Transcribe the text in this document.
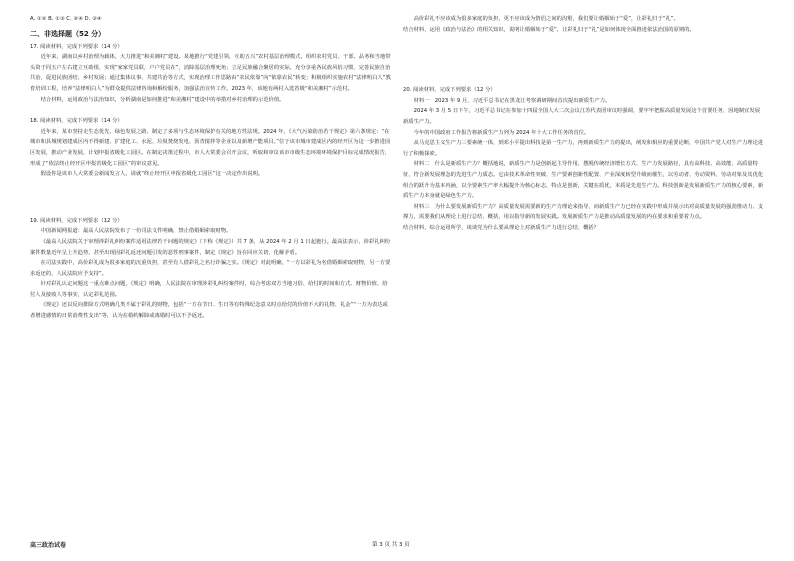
A. ①② B. ①③ C. ②④ D. ③④

二、非选择题（52 分）

17. 阅读材料，完成下列要求（14 分）

近年来，湖南以乡村治理为载体，大力推进“和美湘村”建设。某地推行“党建引领，互助五兴”农村基层治理模式，组织农村党员、干部、品务和当地带头资于同五户左右建立互助组，实现“家家党员联，户户党员在”，消除基层治理死角；立足民族融合聚居的实际，充分享重各民族风俗习惯，完善民族自治共治，促进民族团结，乡村发展；通过集体议事、共建共治等方式，实现治理工作思路由“农民依靠”向“依靠农民”转变；积极组织实施农村“法律明白人”教育培训工程，培养“法律明白人”为群众提供法律咨询和解纷服务，加强法治宣传工作。2023 年，该地有两村入选省级“和美湘村”示范村。

结合材料，运用政治与法治知识，分析湖南是如何推进“和美湘村”建设中的举措对乡村治理的示范价值。

18. 阅读材料，完成下列要求（14 分）

近年来，某市坚持走生态优先、绿色发展之路，制定了多项与生态环境保护有关的地方性法规。2024 年，《大气污染防治若干规定》第六条规定：“在城市和县城规划建成区内不得新建、扩建化工、水泥、垃圾焚烧发电、沥青搅拌等企业以及新增产能项目。”位于该市城市建成区内的经开区为这一步推进园区发展，推动产业发展，计划申报省级化工园区。在制定决策过程中，市人大常委会召开会议，听取和审议该市市级生态环境环境保护目标完成情况报告，形成了“依法终止经开区申报省级化工园区”的审议意见。

假设你是该市人大常委会新闻发言人，请就“终止经开区申报省级化工园区”这一决定作出说明。

19. 阅读材料，完成下列要求（12 分）

中国新闻网报道：最高人民法院发布了一份司法文件明确，禁止借婚姻索取财物。

《最高人民法院关于审理涉彩礼纠纷案件适用法律若干问题的规定》（下称《规定》）共 7 条，从 2024 年 2 月 1 日起施行。最高法表示，涉彩礼纠纷案件数量近年呈上升趋势，甚至出现因彩礼返还问题引发的恶性刑事案件，制定《规定》旨在回应关切，化解矛盾。

在司法实践中，高价彩礼成为很多家庭的沉重负担，甚至有人借彩礼之名行诈骗之实。《规定》对此明确，“一方以彩礼为名借婚姻索取财物，另一方要求返还的，人民法院应予支持”。

针对彩礼认定问题这一重点难点问题，《规定》明确，人民法院在审理涉彩礼纠纷案件时，综合考虑双方当地习俗、给付的时间和方式、财物价值、给付人及接收人等事实，认定彩礼范围。

《规定》还以反向排除方式明确几类不属于彩礼的财物，包括“一方在节日、生日等有特殊纪念意义时点给付的价值不大的礼物、礼金”“一方为表达或者增进感情的日常消费性支出”等，认为在婚约解除或离婚时可以不予返还。

高价彩礼不应该成为很多家庭的负担，更不应该成为情侣之间的沟壑，我们要让婚姻始于“爱”，让彩礼归于“礼”。

结合材料，运用《政治与法治》的相关知识，说明让婚姻始于“爱”，让彩礼归于“礼”是如何体现全面推进依法治国的原则的。

20. 阅读材料，完成下列要求（12 分）

材料一　2023 年 9 月，习近平总书记在黑龙江考察调研期间首次提出新质生产力。

2024 年 3 月 5 日下午，习近平总书记在参加十四届全国人大二次会议江苏代表团审议时强调，要牢牢把握高质量发展这个首要任务，因地制宜发展新质生产力。

今年的中国政府工作报告将新质生产力列为 2024 年十大工作任务的首位。

从马克思主义生产力三要素统一体，到邓小平提出科技是第一生产力，再到新质生产力的提出，阐发和相应的重要论断，中国共产党人对生产力理论进行了积极探索。

材料二　什么是新质生产力？概括地说，新质生产力是创新起主导作用，摆脱传统经济增长方式、生产力发展路径，具有高科技、高效能、高质量特征，符合新发展理念的先进生产力质态。它由技术革命性突破、生产要素创新性配置、产业深度转型升级而催生，以劳动者、劳动资料、劳动对象及其优化组合的跃升为基本内涵，以全要素生产率大幅提升为核心标志，特点是创新，关键在质优，本质是先进生产力。科技创新是发展新质生产力的核心要素，新质生产力本身就是绿色生产力。

材料三　为什么要发展新质生产力？高质量发展需要新的生产力理论来指导，而新质生产力已经在实践中形成并展示出对高质量发展的强劲推动力、支撑力，需要我们从理论上进行总结、概括，用以指导新的发展实践。发展新质生产力是推动高质量发展的内在要求和重要着力点。

结合材料，综合运用所学，谈谈党为什么要从理论上对新质生产力进行总结、概括？

高三政治试卷	第 3 页 共 3 页
